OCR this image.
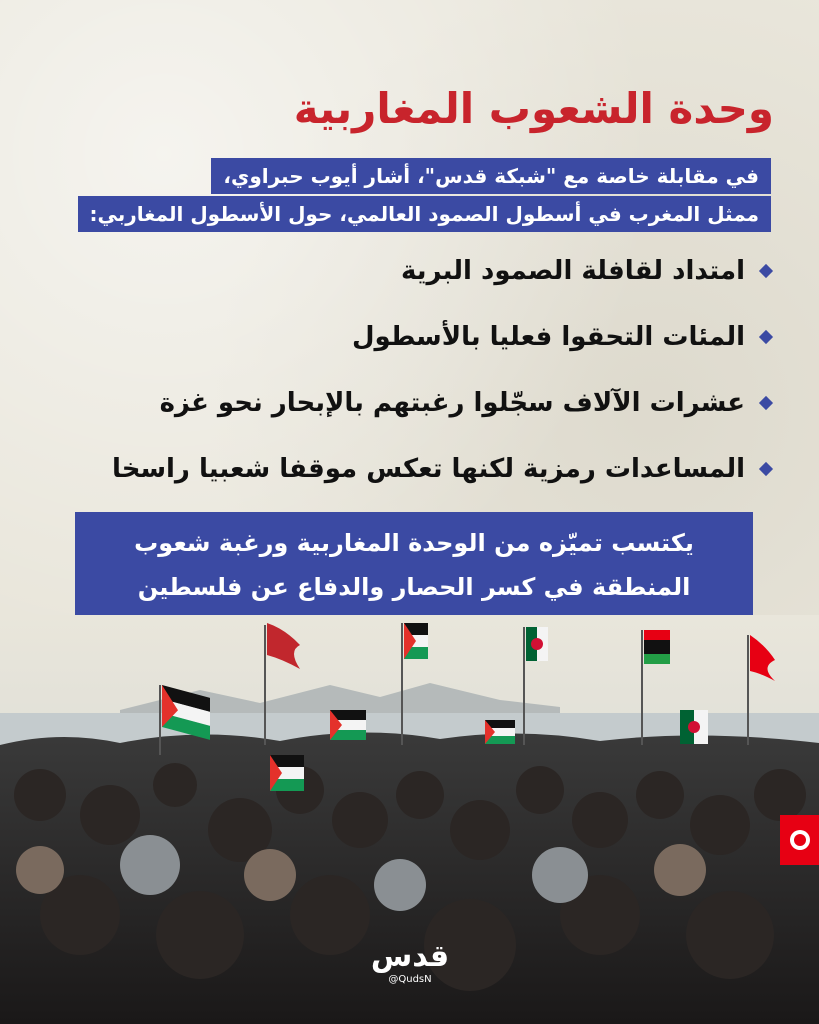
وحدة الشعوب المغاربية
في مقابلة خاصة مع "شبكة قدس"، أشار أيوب حبراوي،
ممثل المغرب في أسطول الصمود العالمي، حول الأسطول المغاربي:
امتداد لقافلة الصمود البرية
المئات التحقوا فعليا بالأسطول
عشرات الآلاف سجّلوا رغبتهم بالإبحار نحو غزة
المساعدات رمزية لكنها تعكس موقفا شعبيا راسخا
يكتسب تميّزه من الوحدة المغاربية ورغبة شعوب
المنطقة في كسر الحصار والدفاع عن فلسطين
قدس
@QudsN
